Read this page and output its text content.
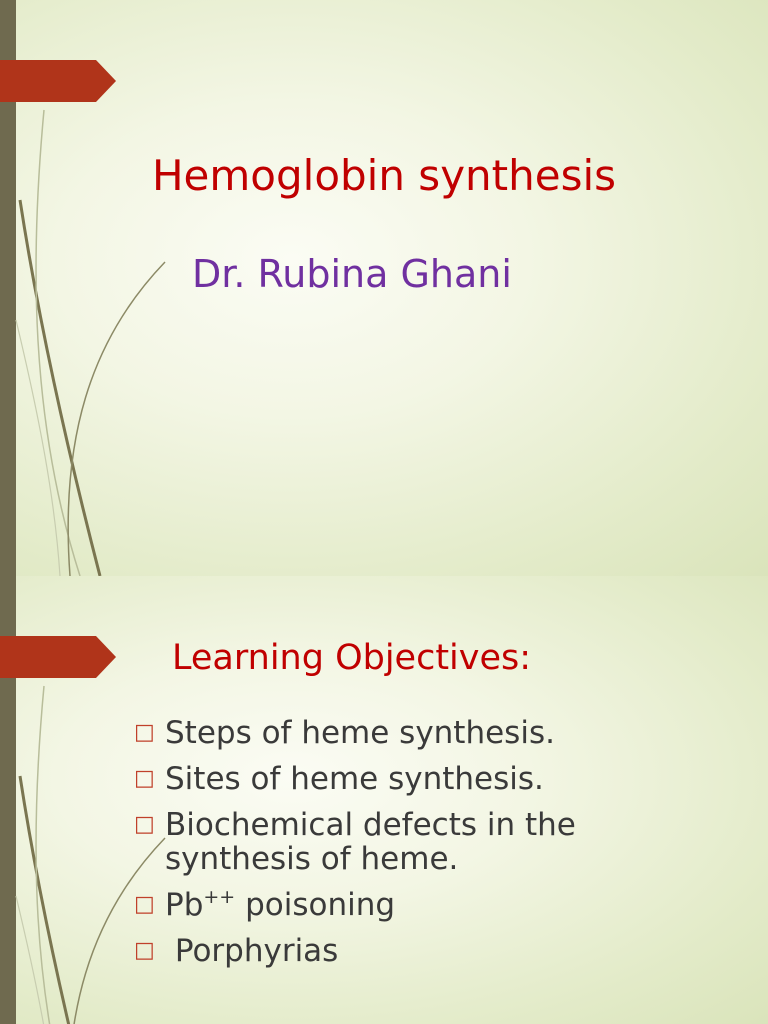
Hemoglobin synthesis
Dr. Rubina Ghani
Learning Objectives:
□ Steps of heme synthesis.
□ Sites of heme synthesis.
□ Biochemical defects in the synthesis of heme.
□ Pb++ poisoning
□ Porphyrias
